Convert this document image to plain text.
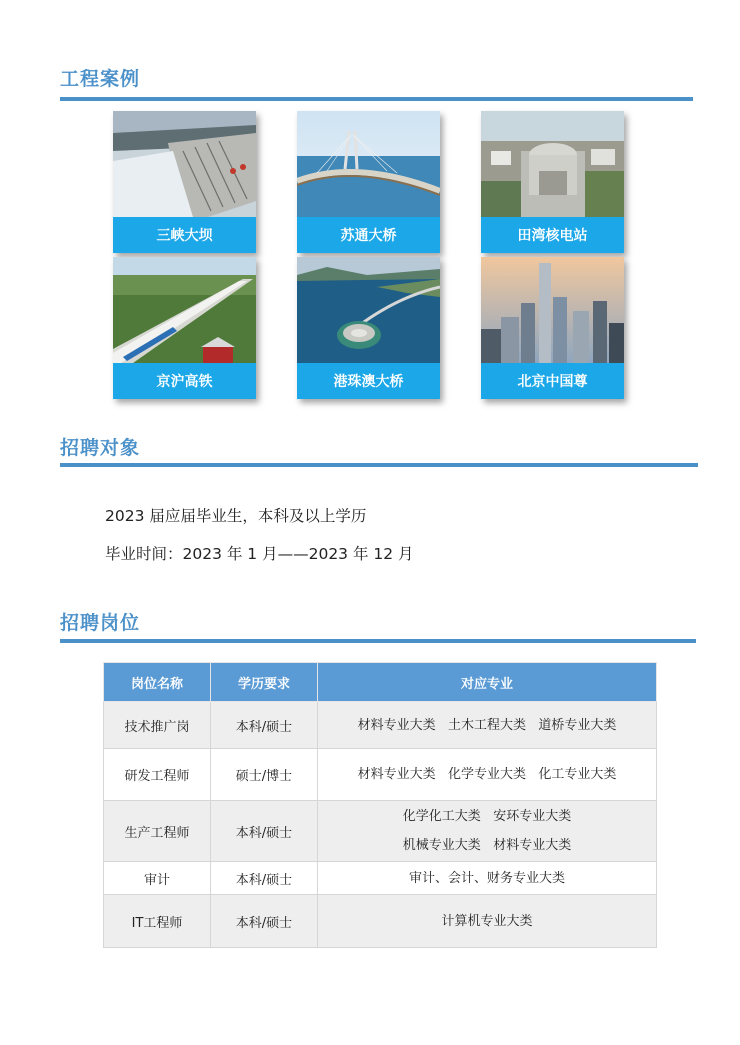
工程案例
三峡大坝	苏通大桥	田湾核电站
京沪高铁	港珠澳大桥	北京中国尊
招聘对象
2023 届应届毕业生，本科及以上学历
毕业时间：2023 年 1 月——2023 年 12 月
招聘岗位
岗位名称	学历要求	对应专业
技术推广岗	本科/硕士	材料专业大类   土木工程大类   道桥专业大类

研发工程师	硕士/博士	材料专业大类   化学专业大类   化工专业大类

生产工程师	本科/硕士	化学化工大类   安环专业大类
机械专业大类   材料专业大类

审计	本科/硕士	审计、会计、财务专业大类

IT工程师	本科/硕士	计算机专业大类
